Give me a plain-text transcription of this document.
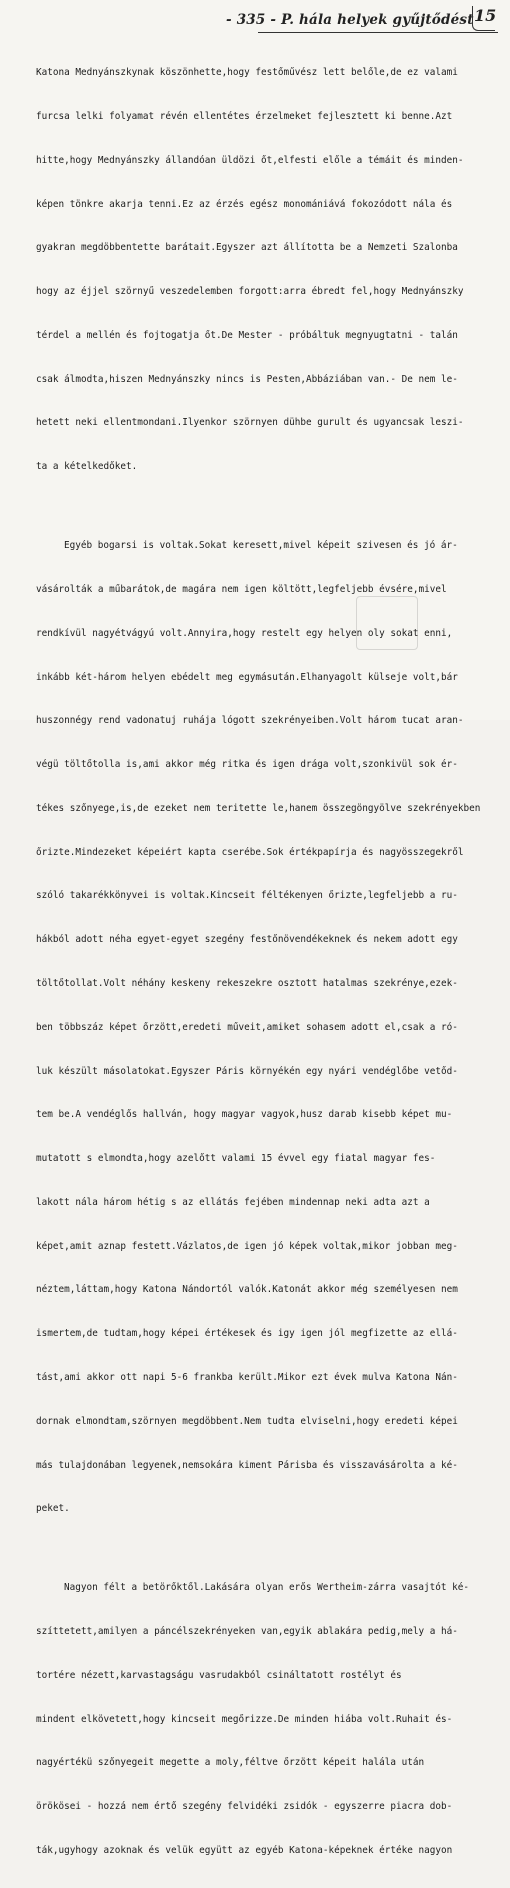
- 335 - P. hála helyek gyűjtődést 15

Katona Mednyánszkynak köszönhette,hogy festőművész lett belőle,de ez valami

furcsa lelki folyamat révén ellentétes érzelmeket fejlesztett ki benne.Azt

hitte,hogy Mednyánszky állandóan üldözi őt,elfesti előle a témáit és minden-

képen tönkre akarja tenni.Ez az érzés egész monomániává fokozódott nála és

gyakran megdöbbentette barátait.Egyszer azt állította be a Nemzeti Szalonba

hogy az éjjel szörnyű veszedelemben forgott:arra ébredt fel,hogy Mednyánszky

térdel a mellén és fojtogatja őt.De Mester - próbáltuk megnyugtatni - talán

csak álmodta,hiszen Mednyánszky nincs is Pesten,Abbáziában van.- De nem le-

hetett neki ellentmondani.Ilyenkor szörnyen dühbe gurult és ugyancsak leszi-

ta a kételkedőket.

Egyéb bogarsi is voltak.Sokat keresett,mivel képeit szivesen és jó ár-

vásárolták a műbarátok,de magára nem igen költött,legfeljebb évsére,mivel

rendkívül nagyétvágyú volt.Annyira,hogy restelt egy helyen oly sokat enni,

inkább két-három helyen ebédelt meg egymásután.Elhanyagolt külseje volt,bár

huszonnégy rend vadonatuj ruhája lógott szekrényeiben.Volt három tucat aran-

végü töltőtolla is,ami akkor még ritka és igen drága volt,szonkivül sok ér-

tékes szőnyege,is,de ezeket nem teritette le,hanem összegöngyölve szekrényekben

őrizte.Mindezeket képeiért kapta cserébe.Sok értékpapírja és nagyösszegekről

szóló takarékkönyvei is voltak.Kincseit féltékenyen őrizte,legfeljebb a ru-

hákból adott néha egyet-egyet szegény festőnövendékeknek és nekem adott egy

töltőtollat.Volt néhány keskeny rekeszekre osztott hatalmas szekrénye,ezek-

ben többszáz képet őrzött,eredeti műveit,amiket sohasem adott el,csak a ró-

luk készült másolatokat.Egyszer Páris környékén egy nyári vendéglőbe vetőd-

tem be.A vendéglős hallván, hogy magyar vagyok,husz darab kisebb képet mu-

mutatott s elmondta,hogy azelőtt valami 15 évvel egy fiatal magyar fes-

lakott nála három hétig s az ellátás fejében mindennap neki adta azt a

képet,amit aznap festett.Vázlatos,de igen jó képek voltak,mikor jobban meg-

néztem,láttam,hogy Katona Nándortól valók.Katonát akkor még személyesen nem

ismertem,de tudtam,hogy képei értékesek és igy igen jól megfizette az ellá-

tást,ami akkor ott napi 5-6 frankba került.Mikor ezt évek mulva Katona Nán-

dornak elmondtam,szörnyen megdöbbent.Nem tudta elviselni,hogy eredeti képei

más tulajdonában legyenek,nemsokára kiment Párisba és visszavásárolta a ké-

peket.

Nagyon félt a betörőktől.Lakására olyan erős Wertheim-zárra vasajtót ké-

szíttetett,amilyen a páncélszekrényeken van,egyik ablakára pedig,mely a há-

tortére nézett,karvastagságu vasrudakból csináltatott rostélyt és

mindent elkövetett,hogy kincseit megőrizze.De minden hiába volt.Ruhait és-

nagyértékü szőnyegeit megette a moly,féltve őrzött képeit halála után

örökösei - hozzá nem értő szegény felvidéki zsidók - egyszerre piacra dob-

ták,ugyhogy azoknak és velük együtt az egyéb Katona-képeknek értéke nagyon
